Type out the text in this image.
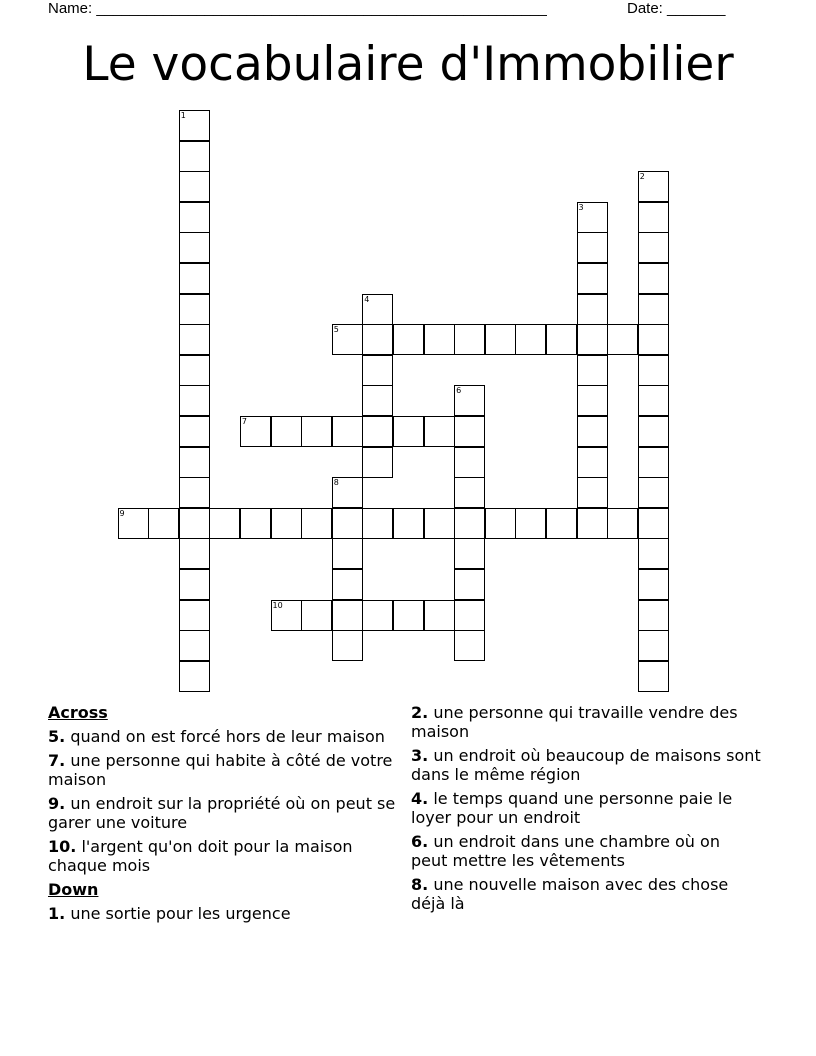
Name: ______________________________________________________	Date: _______
Le vocabulaire d'Immobilier
1
2
3
4
5
6
7
8
9
10
Across
5. quand on est forcé hors de leur maison
7. une personne qui habite à côté de votre maison
9. un endroit sur la propriété où on peut se garer une voiture
10. l'argent qu'on doit pour la maison chaque mois
Down
1. une sortie pour les urgence
2. une personne qui travaille vendre des maison
3. un endroit où beaucoup de maisons sont dans le même région
4. le temps quand une personne paie le loyer pour un endroit
6. un endroit dans une chambre où on peut mettre les vêtements
8. une nouvelle maison avec des chose déjà là
